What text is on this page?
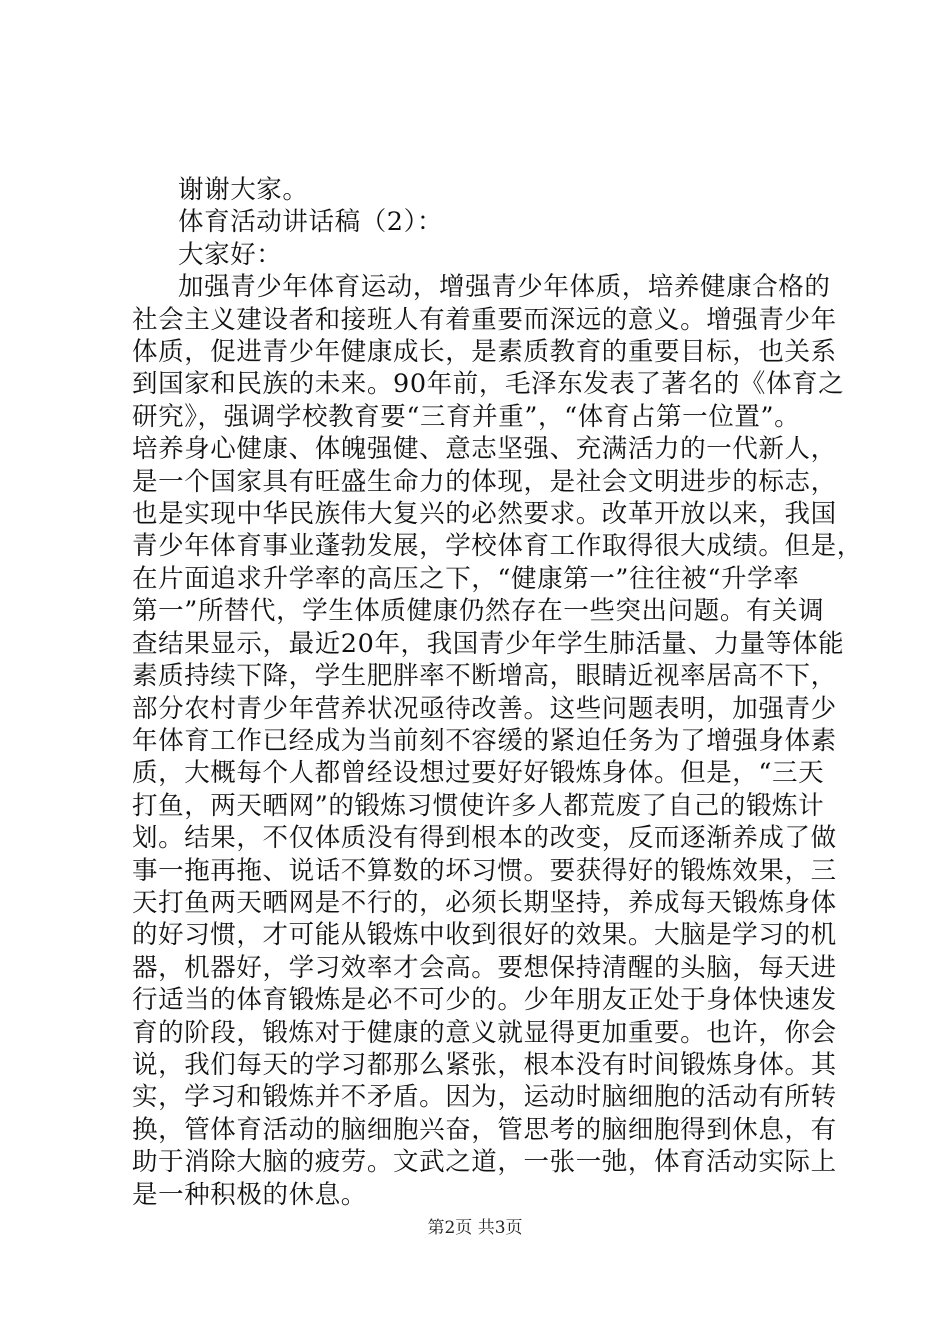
谢谢大家。
体育活动讲话稿（2）：
大家好：
加强青少年体育运动，增强青少年体质，培养健康合格的
社会主义建设者和接班人有着重要而深远的意义。增强青少年
体质，促进青少年健康成长，是素质教育的重要目标，也关系
到国家和民族的未来。90年前，毛泽东发表了著名的《体育之
研究》，强调学校教育要“三育并重”，“体育占第一位置”。
培养身心健康、体魄强健、意志坚强、充满活力的一代新人，
是一个国家具有旺盛生命力的体现，是社会文明进步的标志，
也是实现中华民族伟大复兴的必然要求。改革开放以来，我国
青少年体育事业蓬勃发展，学校体育工作取得很大成绩。但是，
在片面追求升学率的高压之下，“健康第一”往往被“升学率
第一”所替代，学生体质健康仍然存在一些突出问题。有关调
查结果显示，最近20年，我国青少年学生肺活量、力量等体能
素质持续下降，学生肥胖率不断增高，眼睛近视率居高不下，
部分农村青少年营养状况亟待改善。这些问题表明，加强青少
年体育工作已经成为当前刻不容缓的紧迫任务为了增强身体素
质，大概每个人都曾经设想过要好好锻炼身体。但是，“三天
打鱼，两天晒网”的锻炼习惯使许多人都荒废了自己的锻炼计
划。结果，不仅体质没有得到根本的改变，反而逐渐养成了做
事一拖再拖、说话不算数的坏习惯。要获得好的锻炼效果，三
天打鱼两天晒网是不行的，必须长期坚持，养成每天锻炼身体
的好习惯，才可能从锻炼中收到很好的效果。大脑是学习的机
器，机器好，学习效率才会高。要想保持清醒的头脑，每天进
行适当的体育锻炼是必不可少的。少年朋友正处于身体快速发
育的阶段，锻炼对于健康的意义就显得更加重要。也许，你会
说，我们每天的学习都那么紧张，根本没有时间锻炼身体。其
实，学习和锻炼并不矛盾。因为，运动时脑细胞的活动有所转
换，管体育活动的脑细胞兴奋，管思考的脑细胞得到休息，有
助于消除大脑的疲劳。文武之道，一张一弛，体育活动实际上
是一种积极的休息。
第2页 共3页
